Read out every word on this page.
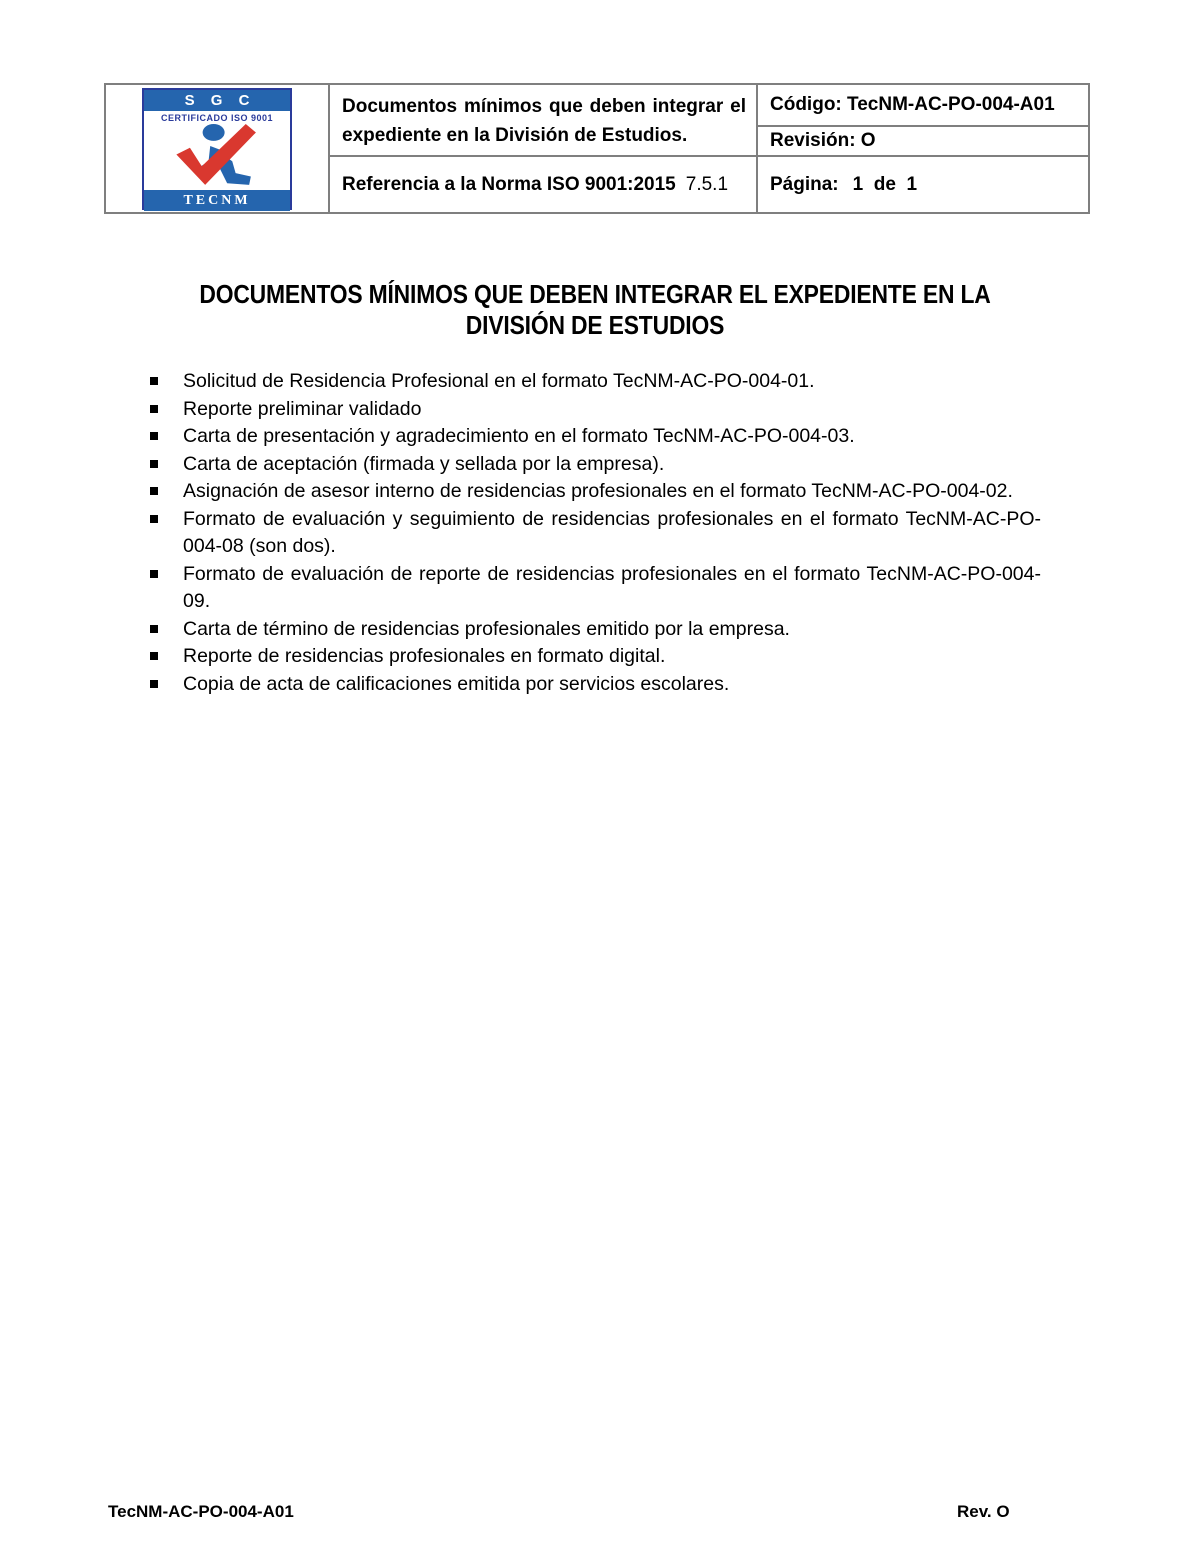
S G C
CERTIFICADO ISO 9001
TECNM
Documentos mínimos que deben integrar el expediente en la División de Estudios.
Referencia a la Norma ISO 9001:2015 7.5.1
Código: TecNM-AC-PO-004-A01
Revisión: O
Página: 1  de  1
DOCUMENTOS MÍNIMOS QUE DEBEN INTEGRAR EL EXPEDIENTE EN LA
DIVISIÓN DE ESTUDIOS
Solicitud de Residencia Profesional en el formato TecNM-AC-PO-004-01.
Reporte preliminar validado
Carta de presentación y agradecimiento en el formato TecNM-AC-PO-004-03.
Carta de aceptación (firmada y sellada por la empresa).
Asignación de asesor interno de residencias profesionales en el formato TecNM-AC-PO-004-02.
Formato de evaluación y seguimiento de residencias profesionales en el formato TecNM-AC-PO-004-08 (son dos).
Formato de evaluación de reporte de residencias profesionales en el formato TecNM-AC-PO-004-09.
Carta de término de residencias profesionales emitido por la empresa.
Reporte de residencias profesionales en formato digital.
Copia de acta de calificaciones emitida por servicios escolares.
TecNM-AC-PO-004-A01	Rev. O
